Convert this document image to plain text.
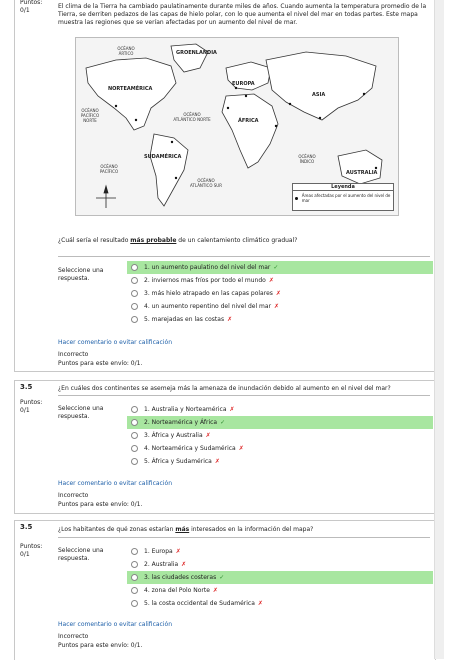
Puntos:
0/1
El clima de la Tierra ha cambiado paulatinamente durante miles de años. Cuando aumenta la temperatura promedio de la Tierra, se derriten pedazos de las capas de hielo polar, con lo que aumenta el nivel del mar en todas partes. Este mapa muestra las regiones que se verían afectadas por un aumento del nivel de mar.
OCÉANO ÁRTICO	GROENLANDIA
NORTEAMÉRICA
EUROPA
ASIA
ÁFRICA
OCÉANO ATLÁNTICO NORTE
OCÉANO PACÍFICO NORTE
SUDAMÉRICA
OCÉANO PACÍFICO
OCÉANO ATLÁNTICO SUR
OCÉANO ÍNDICO
AUSTRALIA
Leyenda
Áreas afectadas por el aumento del nivel de mar
¿Cuál sería el resultado más probable de un calentamiento climático gradual?
Seleccione una respuesta.
1. un aumento paulatino del nivel del mar ✓
2. inviernos mas fríos por todo el mundo ✗
3. más hielo atrapado en las capas polares ✗
4. un aumento repentino del nivel del mar ✗
5. marejadas en las costas ✗
Hacer comentario o evitar calificación
Incorrecto
Puntos para este envío: 0/1.
3.5
Puntos:
0/1
¿En cuáles dos continentes se asemeja más la amenaza de inundación debido al aumento en el nivel del mar?
Seleccione una respuesta.
1. Australia y Norteamérica ✗
2. Norteamérica y África ✓
3. África y Australia ✗
4. Norteamérica y Sudamérica ✗
5. África y Sudamérica ✗
Hacer comentario o evitar calificación
Incorrecto
Puntos para este envío: 0/1.
3.5
Puntos:
0/1
¿Los habitantes de qué zonas estarían más interesados en la información del mapa?
Seleccione una respuesta.
1. Europa ✗
2. Australia ✗
3. las ciudades costeras ✓
4. zona del Polo Norte ✗
5. la costa occidental de Sudamérica ✗
Hacer comentario o evitar calificación
Incorrecto
Puntos para este envío: 0/1.
